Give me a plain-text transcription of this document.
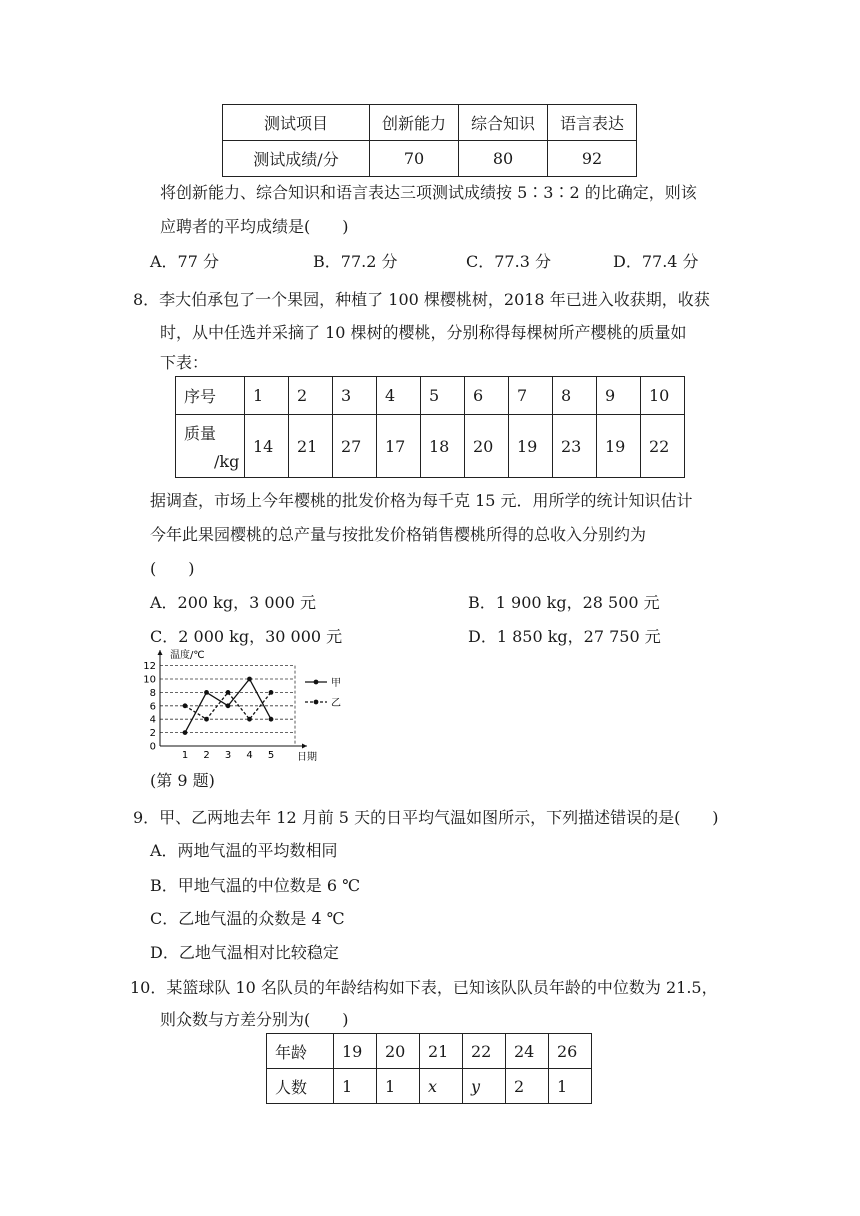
测试项目	创新能力	综合知识	语言表达
测试成绩/分	70	80	92
将创新能力、综合知识和语言表达三项测试成绩按 5∶3∶2 的比确定，则该
应聘者的平均成绩是(　　)
A．77 分	B．77.2 分	C．77.3 分	D．77.4 分
8．李大伯承包了一个果园，种植了 100 棵樱桃树，2018 年已进入收获期，收获
时，从中任选并采摘了 10 棵树的樱桃，分别称得每棵树所产樱桃的质量如
下表：
序号	1	2	3	4	5	6	7	8	9	10

质量
/kg	14	21	27	17	18	20	19	23	19	22
据调查，市场上今年樱桃的批发价格为每千克 15 元．用所学的统计知识估计
今年此果园樱桃的总产量与按批发价格销售樱桃所得的总收入分别约为
(　　)
A．200 kg，3 000 元	B．1 900 kg，28 500 元
C．2 000 kg，30 000 元	D．1 850 kg，27 750 元
0
2
4
6
8
10
12
1 2 3 4 5
温度/℃
日期
甲
乙
(第 9 题)
9．甲、乙两地去年 12 月前 5 天的日平均气温如图所示，下列描述错误的是(　　)
A．两地气温的平均数相同
B．甲地气温的中位数是 6 ℃
C．乙地气温的众数是 4 ℃
D．乙地气温相对比较稳定
10．某篮球队 10 名队员的年龄结构如下表，已知该队队员年龄的中位数为 21.5，
则众数与方差分别为(　　)
年龄	19	20	21	22	24	26
人数	1	1	x	y	2	1
